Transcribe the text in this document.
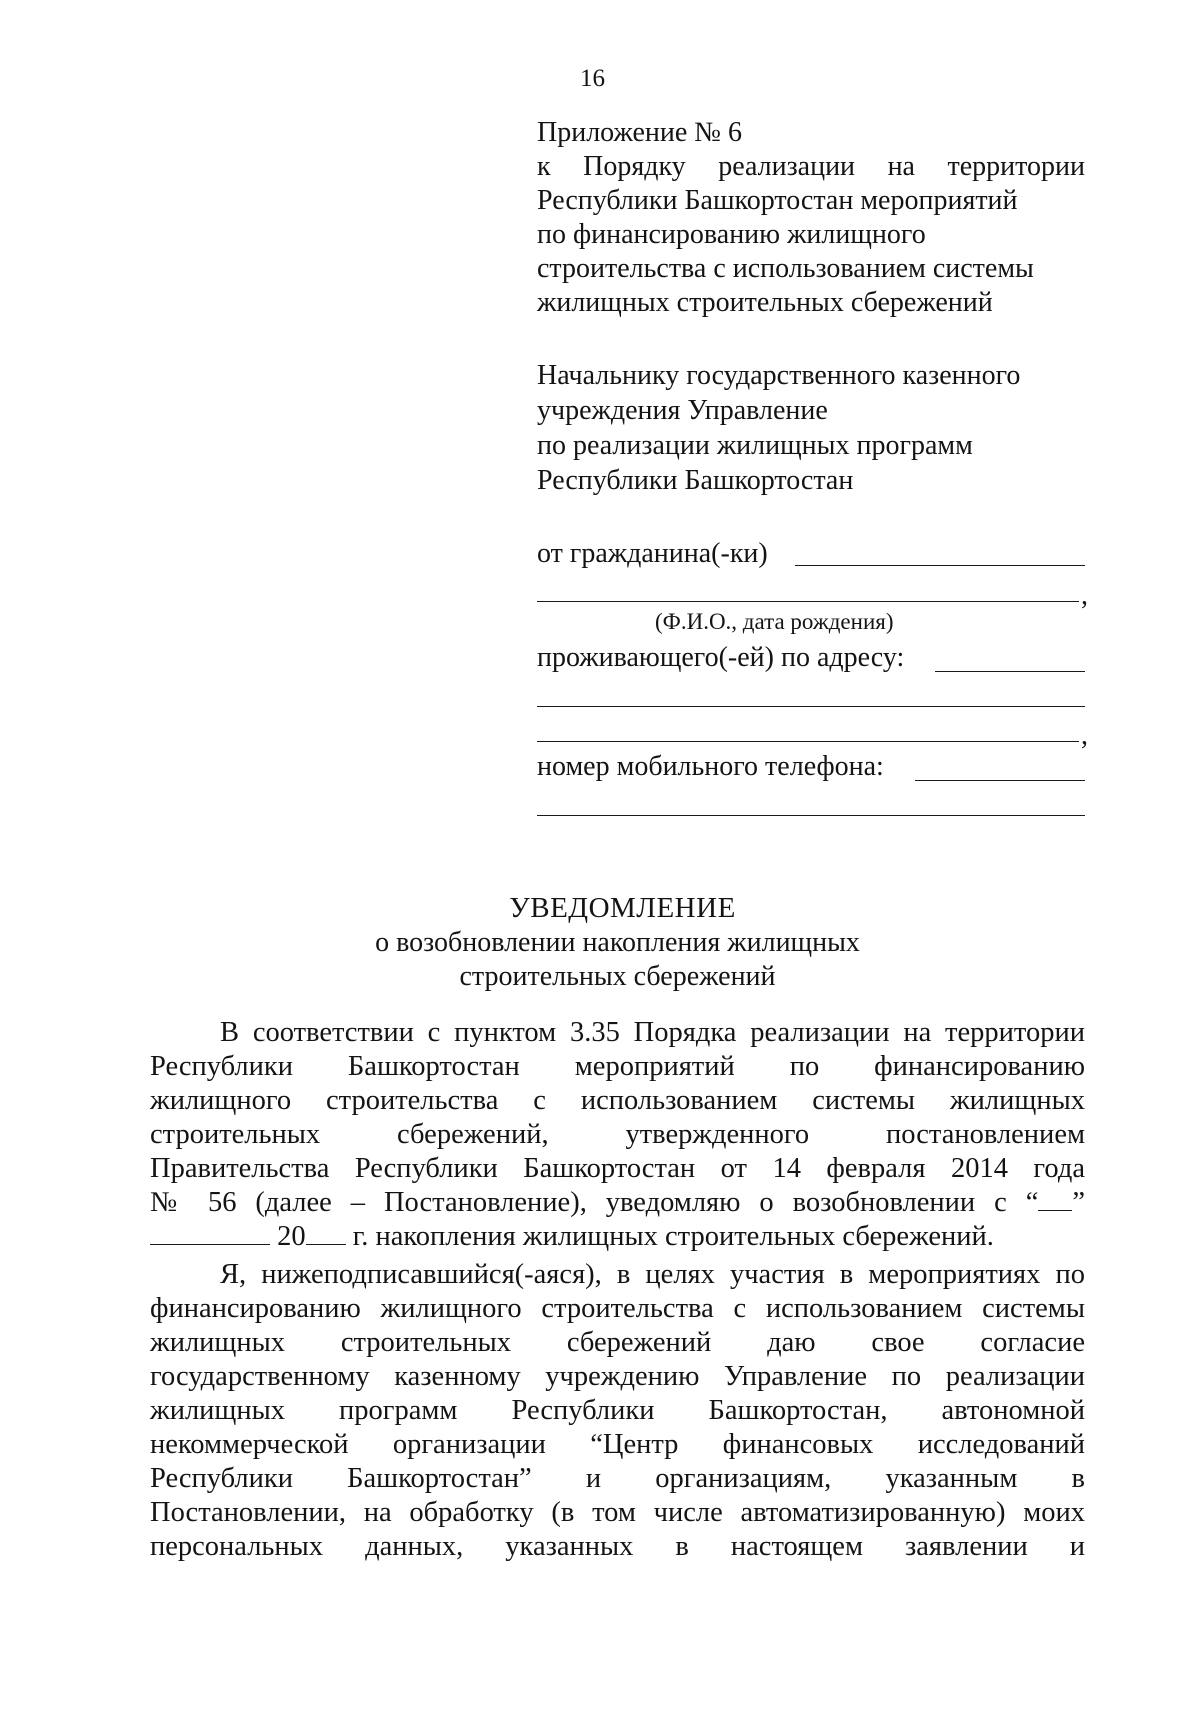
16
Приложение № 6
к Порядку реализации на территории
Республики Башкортостан мероприятий
по финансированию жилищного
строительства с использованием системы
жилищных строительных сбережений
Начальнику государственного казенного
учреждения Управление
по реализации жилищных программ
Республики Башкортостан
от гражданина(-ки)
,
(Ф.И.О., дата рождения)
проживающего(-ей) по адресу:
,
номер мобильного телефона:
УВЕДОМЛЕНИЕ
о возобновлении накопления жилищных
строительных сбережений
В соответствии с пунктом 3.35 Порядка реализации на территории
Республики Башкортостан мероприятий по финансированию
жилищного строительства с использованием системы жилищных
строительных сбережений, утвержденного постановлением
Правительства Республики Башкортостан от 14 февраля 2014 года
№ 56 (далее – Постановление), уведомляю о возобновлении с “ ”
20 г. накопления жилищных строительных сбережений.
Я, нижеподписавшийся(-аяся), в целях участия в мероприятиях по
финансированию жилищного строительства с использованием системы
жилищных строительных сбережений даю свое согласие
государственному казенному учреждению Управление по реализации
жилищных программ Республики Башкортостан, автономной
некоммерческой организации “Центр финансовых исследований
Республики Башкортостан” и организациям, указанным в
Постановлении, на обработку (в том числе автоматизированную) моих
персональных данных, указанных в настоящем заявлении и
